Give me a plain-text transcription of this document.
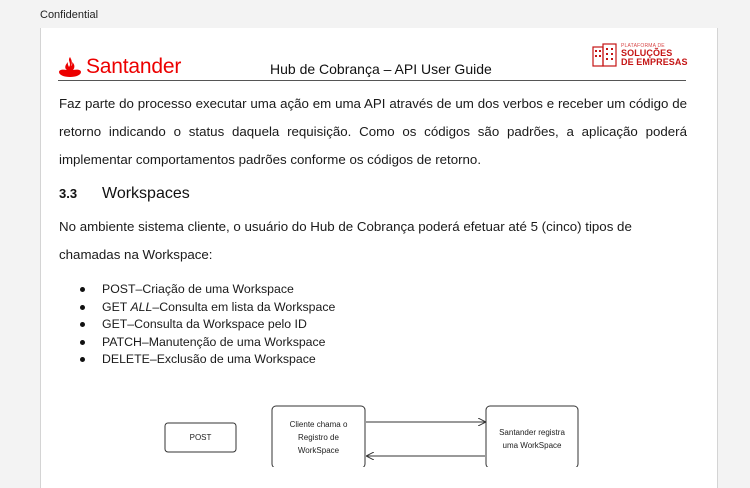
Confidential
Santander	Hub de Cobrança – API User Guide
PLATAFORMA DE
SOLUÇÕES
DE EMPRESAS

Faz parte do processo executar uma ação em uma API através de um dos verbos e receber um código de retorno indicando o status daquela requisição. Como os códigos são padrões, a aplicação poderá implementar comportamentos padrões conforme os códigos de retorno.

3.3	Workspaces

No ambiente sistema cliente, o usuário do Hub de Cobrança poderá efetuar até 5 (cinco) tipos de chamadas na Workspace:

POST – Criação de uma Workspace
GET ALL – Consulta em lista da Workspace
GET – Consulta da Workspace pelo ID
PATCH – Manutenção de uma Workspace
DELETE – Exclusão de uma Workspace
POST
Cliente chama o
Registro de
WorkSpace
Santander registra
uma WorkSpace
